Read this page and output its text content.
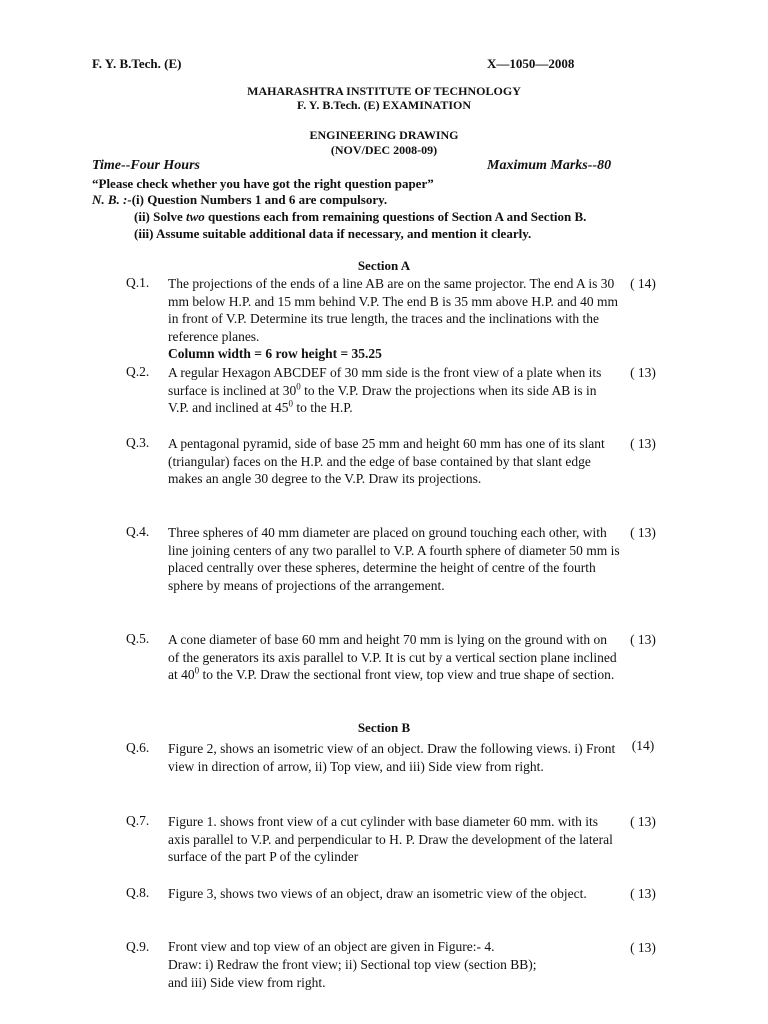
F. Y. B.Tech. (E)	X—1050—2008
MAHARASHTRA INSTITUTE OF TECHNOLOGY
F. Y. B.Tech. (E) EXAMINATION
ENGINEERING DRAWING
(NOV/DEC 2008-09)
Time--Four Hours	Maximum Marks--80
“Please check whether you have got the right question paper”
N. B. :-(i) Question Numbers 1 and 6 are compulsory.
(ii) Solve two questions each from remaining questions of Section A and Section B.
(iii) Assume suitable additional data if necessary, and mention it clearly.
Section A
Q.1. The projections of the ends of a line AB are on the same projector. The end A is 30 mm below H.P. and 15 mm behind V.P. The end B is 35 mm above H.P. and 40 mm in front of V.P. Determine its true length, the traces and the inclinations with the reference planes.
( 14)
Column width = 6 row height = 35.25
Q.2. A regular Hexagon ABCDEF of 30 mm side is the front view of a plate when its surface is inclined at $30^0$ to the V.P. Draw the projections when its side AB is in V.P. and inclined at $45^0$ to the H.P.
( 13)
Q.3. A pentagonal pyramid, side of base 25 mm and height 60 mm has one of its slant (triangular) faces on the H.P. and the edge of base contained by that slant edge makes an angle 30 degree to the V.P. Draw its projections.
( 13)
Q.4. Three spheres of 40 mm diameter are placed on ground touching each other, with line joining centers of any two parallel to V.P. A fourth sphere of diameter 50 mm is placed centrally over these spheres, determine the height of centre of the fourth sphere by means of projections of the arrangement.
( 13)
Q.5. A cone diameter of base 60 mm and height 70 mm is lying on the ground with on of the generators its axis parallel to V.P. It is cut by a vertical section plane inclined at $40^0$ to the V.P. Draw the sectional front view, top view and true shape of section.
( 13)
Section B
Q.6. Figure 2, shows an isometric view of an object. Draw the following views. i) Front view in direction of arrow, ii) Top view, and iii) Side view from right.
(14)
Q.7. Figure 1. shows front view of a cut cylinder with base diameter 60 mm. with its axis parallel to V.P. and perpendicular to H. P. Draw the development of the lateral surface of the part P of the cylinder
( 13)
Q.8. Figure 3, shows two views of an object, draw an isometric view of the object.	( 13)
Q.9. Front view and top view of an object are given in Figure:- 4.
Draw: i) Redraw the front view; ii) Sectional top view (section BB);
and iii) Side view from right.
( 13)
